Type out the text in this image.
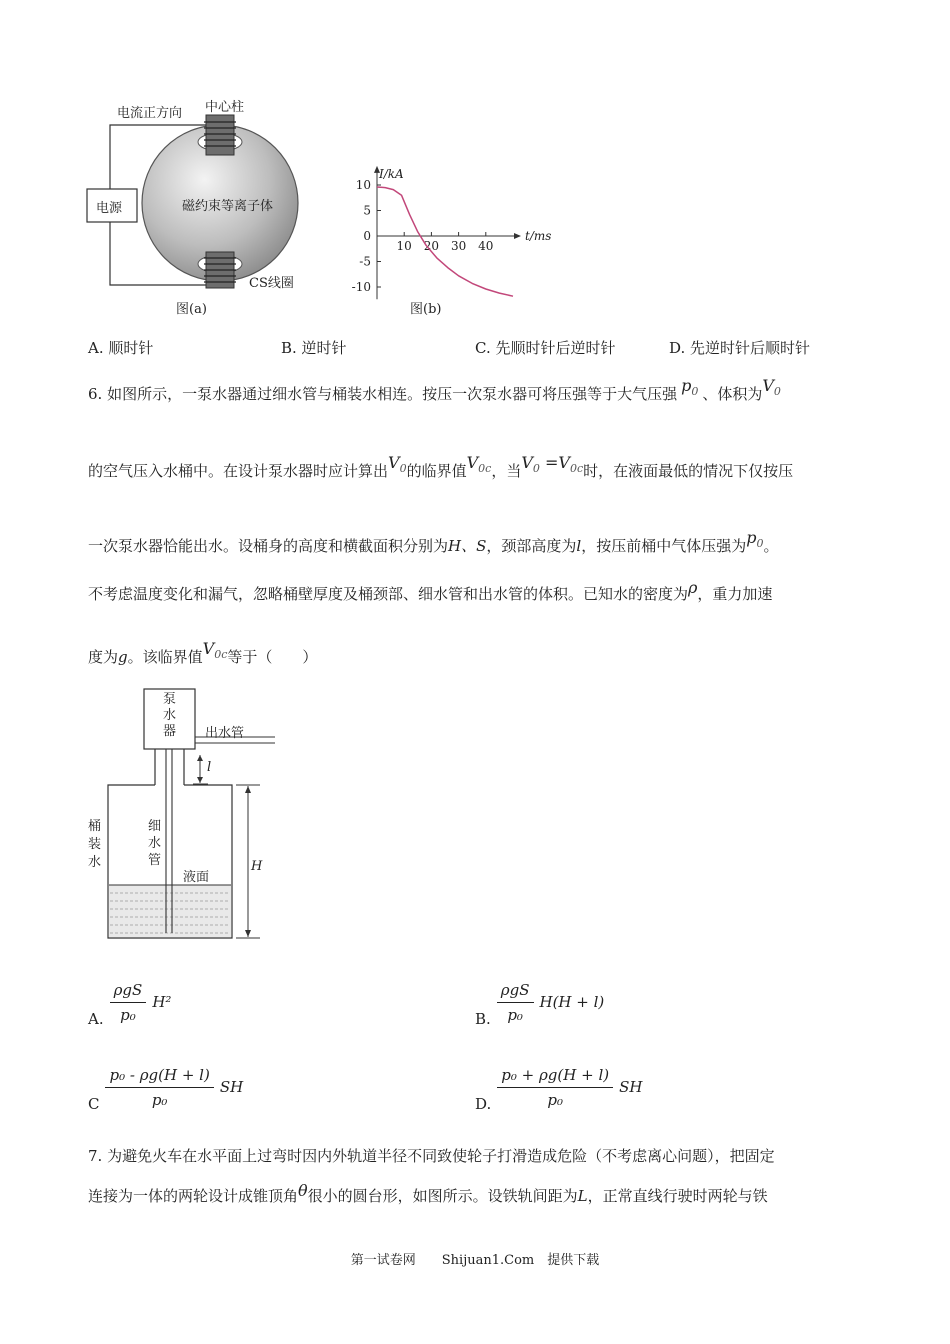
电流正方向 中心柱
电源	磁约束等离子体
CS线圈
图(a)
10
5
0
-5
-10
10 20 30 40
I/kA
t/ms
图(b)
A. 顺时针	B. 逆时针	C. 先顺时针后逆时针	D. 先逆时针后顺时针
6. 如图所示，一泵水器通过细水管与桶装水相连。按压一次泵水器可将压强等于大气压强 $p_0$ 、体积为$V_0$
的空气压入水桶中。在设计泵水器时应计算出$V_0$的临界值$V_{0c}$，当$V_0 =V_{0c}$时，在液面最低的情况下仅按压
一次泵水器恰能出水。设桶身的高度和横截面积分别为H、S，颈部高度为l，按压前桶中气体压强为$p_0$。
不考虑温度变化和漏气，忽略桶壁厚度及桶颈部、细水管和出水管的体积。已知水的密度为ρ，重力加速
度为g。该临界值$V_{0c}$等于（　　）
泵
水
器 出水管
l
桶
装
水
细
水
管
液面
H
A. $\frac{\text{ρgS}}{\text{p₀}} H^2$
B. $\frac{\text{ρgS}}{\text{p₀}} H(H + l)$
C $\frac{\text{p₀ - ρg(H + l)}}{\text{p₀}}$ SH
D. $\frac{\text{p₀ + ρg(H + l)}}{\text{p₀}}$ SH
7. 为避免火车在水平面上过弯时因内外轨道半径不同致使轮子打滑造成危险（不考虑离心问题），把固定
连接为一体的两轮设计成锥顶角θ很小的圆台形，如图所示。设铁轨间距为L，正常直线行驶时两轮与铁
第一试卷网　　Shijuan1.Com　提供下载
